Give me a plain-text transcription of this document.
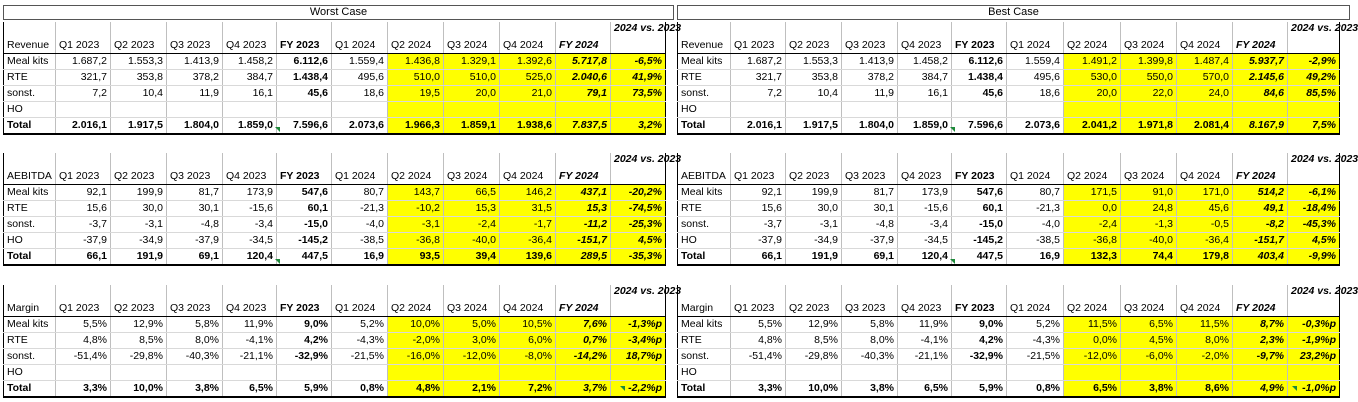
Worst Case	Best Case
Revenue	Q1 2023	Q2 2023	Q3 2023	Q4 2023	FY 2023	Q1 2024	Q2 2024	Q3 2024	Q4 2024	FY 2024	2024 vs. 2023
Meal kits	1.687,2	1.553,3	1.413,9	1.458,2	6.112,6	1.559,4	1.436,8	1.329,1	1.392,6	5.717,8	-6,5%
RTE	321,7	353,8	378,2	384,7	1.438,4	495,6	510,0	510,0	525,0	2.040,6	41,9%
sonst.	7,2	10,4	11,9	16,1	45,6	18,6	19,5	20,0	21,0	79,1	73,5%
HO											
Total	2.016,1	1.917,5	1.804,0	1.859,0	7.596,6	2.073,6	1.966,3	1.859,1	1.938,6	7.837,5	3,2%
Revenue	Q1 2023	Q2 2023	Q3 2023	Q4 2023	FY 2023	Q1 2024	Q2 2024	Q3 2024	Q4 2024	FY 2024	2024 vs. 2023
Meal kits	1.687,2	1.553,3	1.413,9	1.458,2	6.112,6	1.559,4	1.491,2	1.399,8	1.487,4	5.937,7	-2,9%
RTE	321,7	353,8	378,2	384,7	1.438,4	495,6	530,0	550,0	570,0	2.145,6	49,2%
sonst.	7,2	10,4	11,9	16,1	45,6	18,6	20,0	22,0	24,0	84,6	85,5%
HO											
Total	2.016,1	1.917,5	1.804,0	1.859,0	7.596,6	2.073,6	2.041,2	1.971,8	2.081,4	8.167,9	7,5%
AEBITDA	Q1 2023	Q2 2023	Q3 2023	Q4 2023	FY 2023	Q1 2024	Q2 2024	Q3 2024	Q4 2024	FY 2024	2024 vs. 2023
Meal kits	92,1	199,9	81,7	173,9	547,6	80,7	143,7	66,5	146,2	437,1	-20,2%
RTE	15,6	30,0	30,1	-15,6	60,1	-21,3	-10,2	15,3	31,5	15,3	-74,5%
sonst.	-3,7	-3,1	-4,8	-3,4	-15,0	-4,0	-3,1	-2,4	-1,7	-11,2	-25,3%
HO	-37,9	-34,9	-37,9	-34,5	-145,2	-38,5	-36,8	-40,0	-36,4	-151,7	4,5%
Total	66,1	191,9	69,1	120,4	447,5	16,9	93,5	39,4	139,6	289,5	-35,3%
AEBITDA	Q1 2023	Q2 2023	Q3 2023	Q4 2023	FY 2023	Q1 2024	Q2 2024	Q3 2024	Q4 2024	FY 2024	2024 vs. 2023
Meal kits	92,1	199,9	81,7	173,9	547,6	80,7	171,5	91,0	171,0	514,2	-6,1%
RTE	15,6	30,0	30,1	-15,6	60,1	-21,3	0,0	24,8	45,6	49,1	-18,4%
sonst.	-3,7	-3,1	-4,8	-3,4	-15,0	-4,0	-2,4	-1,3	-0,5	-8,2	-45,3%
HO	-37,9	-34,9	-37,9	-34,5	-145,2	-38,5	-36,8	-40,0	-36,4	-151,7	4,5%
Total	66,1	191,9	69,1	120,4	447,5	16,9	132,3	74,4	179,8	403,4	-9,9%
Margin	Q1 2023	Q2 2023	Q3 2023	Q4 2023	FY 2023	Q1 2024	Q2 2024	Q3 2024	Q4 2024	FY 2024	2024 vs. 2023
Meal kits	5,5%	12,9%	5,8%	11,9%	9,0%	5,2%	10,0%	5,0%	10,5%	7,6%	-1,3%p
RTE	4,8%	8,5%	8,0%	-4,1%	4,2%	-4,3%	-2,0%	3,0%	6,0%	0,7%	-3,4%p
sonst.	-51,4%	-29,8%	-40,3%	-21,1%	-32,9%	-21,5%	-16,0%	-12,0%	-8,0%	-14,2%	18,7%p
HO											
Total	3,3%	10,0%	3,8%	6,5%	5,9%	0,8%	4,8%	2,1%	7,2%	3,7%	-2,2%p
Margin	Q1 2023	Q2 2023	Q3 2023	Q4 2023	FY 2023	Q1 2024	Q2 2024	Q3 2024	Q4 2024	FY 2024	2024 vs. 2023
Meal kits	5,5%	12,9%	5,8%	11,9%	9,0%	5,2%	11,5%	6,5%	11,5%	8,7%	-0,3%p
RTE	4,8%	8,5%	8,0%	-4,1%	4,2%	-4,3%	0,0%	4,5%	8,0%	2,3%	-1,9%p
sonst.	-51,4%	-29,8%	-40,3%	-21,1%	-32,9%	-21,5%	-12,0%	-6,0%	-2,0%	-9,7%	23,2%p
HO											
Total	3,3%	10,0%	3,8%	6,5%	5,9%	0,8%	6,5%	3,8%	8,6%	4,9%	-1,0%p
